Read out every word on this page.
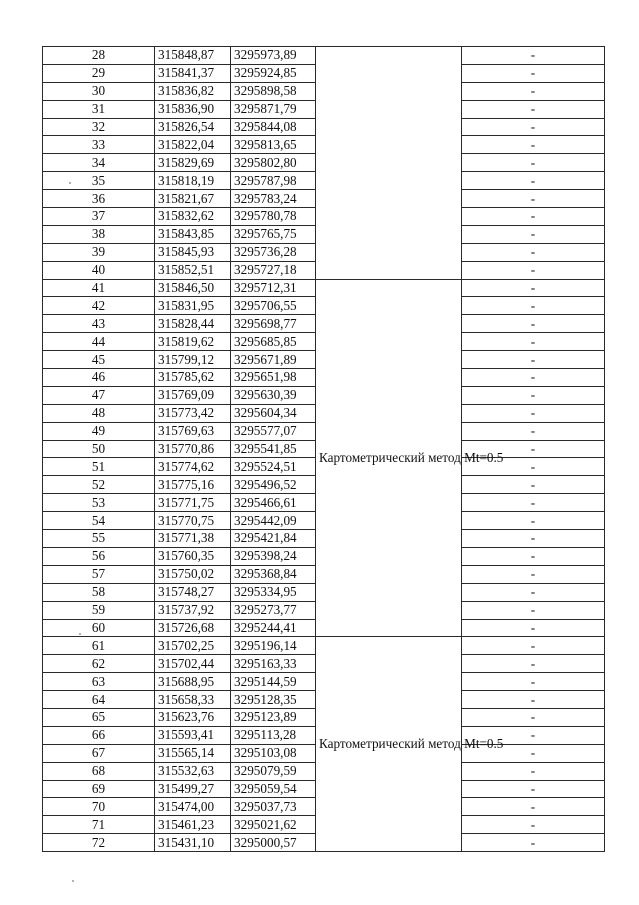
28	315848,87	3295973,89		-
29	315841,37	3295924,85		-
30	315836,82	3295898,58		-
31	315836,90	3295871,79		-
32	315826,54	3295844,08		-
33	315822,04	3295813,65		-
34	315829,69	3295802,80		-
35	315818,19	3295787,98		-
36	315821,67	3295783,24		-
37	315832,62	3295780,78		-
38	315843,85	3295765,75		-
39	315845,93	3295736,28		-
40	315852,51	3295727,18		-
41	315846,50	3295712,31	Картометрический метод Mt=0.5	-
42	315831,95	3295706,55		-
43	315828,44	3295698,77		-
44	315819,62	3295685,85		-
45	315799,12	3295671,89		-
46	315785,62	3295651,98		-
47	315769,09	3295630,39		-
48	315773,42	3295604,34		-
49	315769,63	3295577,07		-
50	315770,86	3295541,85		-
51	315774,62	3295524,51		-
52	315775,16	3295496,52		-
53	315771,75	3295466,61		-
54	315770,75	3295442,09		-
55	315771,38	3295421,84		-
56	315760,35	3295398,24		-
57	315750,02	3295368,84		-
58	315748,27	3295334,95		-
59	315737,92	3295273,77		-
60	315726,68	3295244,41		-
61	315702,25	3295196,14	Картометрический метод Mt=0.5	-
62	315702,44	3295163,33		-
63	315688,95	3295144,59		-
64	315658,33	3295128,35		-
65	315623,76	3295123,89		-
66	315593,41	3295113,28		-
67	315565,14	3295103,08		-
68	315532,63	3295079,59		-
69	315499,27	3295059,54		-
70	315474,00	3295037,73		-
71	315461,23	3295021,62		-
72	315431,10	3295000,57		-
